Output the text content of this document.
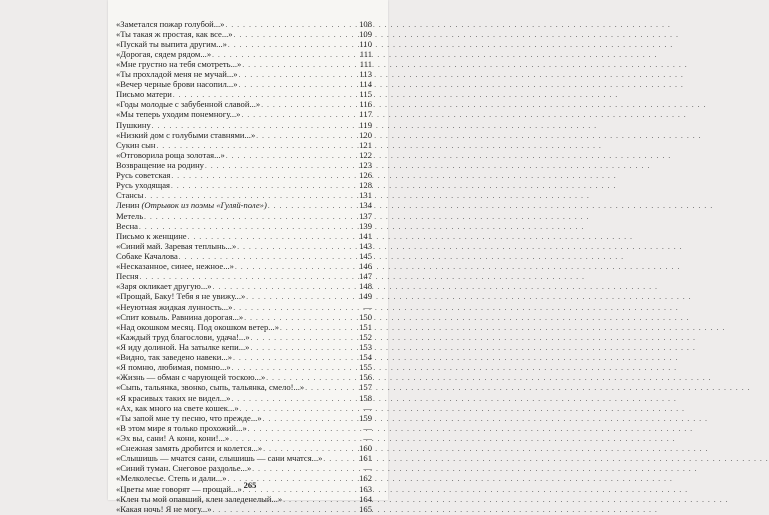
«Заметался пожар голубой...» . . .	108
«Ты такая ж простая, как все...» . . .	109
«Пускай ты выпита другим...» . . .	110
«Дорогая, сядем рядом...» . . .	111
«Мне грустно на тебя смотреть...» . . .	111
«Ты прохладой меня не мучай...» . . .	113
«Вечер черные брови насопил...» . . .	114
Письмо матери . . .	115
«Годы молодые с забубенной славой...» . . .	116
«Мы теперь уходим понемногу...» . . .	117
Пушкину . . .	119
«Низкий дом с голубыми ставнями...» . . .	120
Сукин сын . . .	121
«Отговорила роща золотая...» . . .	122
Возвращение на родину . . .	123
Русь советская . . .	126
Русь уходящая . . .	128
Стансы . . .	131
Ленин (Отрывок из поэмы «Гуляй-поле») . . .	134
Метель . . .	137
Весна . . .	139
Письмо к женщине . . .	141
«Синий май. Заревая теплынь...» . . .	143
Собаке Качалова . . .	145
«Несказанное, синее, нежное...» . . .	146
Песня . . .	147
«Заря окликает другую...» . . .	148
«Прощай, Баку! Тебя я не увижу...» . . .	149
«Неуютная жидкая лунность...» . . .	—
«Спит ковыль. Равнина дорогая...» . . .	150
«Над окошком месяц. Под окошком ветер...» . . .	151
«Каждый труд благослови, удача!...» . . .	152
«Я иду долиной. На затылке кепи...» . . .	153
«Видно, так заведено навеки...» . . .	154
«Я помню, любимая, помню...» . . .	155
«Жизнь — обман с чарующей тоскою...» . . .	156
«Сыпь, тальянка, звонко, сыпь, тальянка, смело!...» . . .	157
«Я красивых таких не видел...» . . .	158
«Ах, как много на свете кошек...» . . .	—
«Ты запой мне ту песню, что прежде...» . . .	159
«В этом мире я только прохожий...» . . .	—
«Эх вы, сани! А кони, кони!...» . . .	—
«Снежная замять дробится и колется...» . . .	160
«Слышишь — мчатся сани, слышишь — сани мчатся...» . . .	161
«Синий туман. Снеговое раздолье...» . . .	—
«Мелколесье. Степь и дали...» . . .	162
«Цветы мне говорят — прощай...» . . .	163
«Клен ты мой опавший, клен заледенелый...» . . .	164
«Какая ночь! Я не могу...» . . .	165
265
